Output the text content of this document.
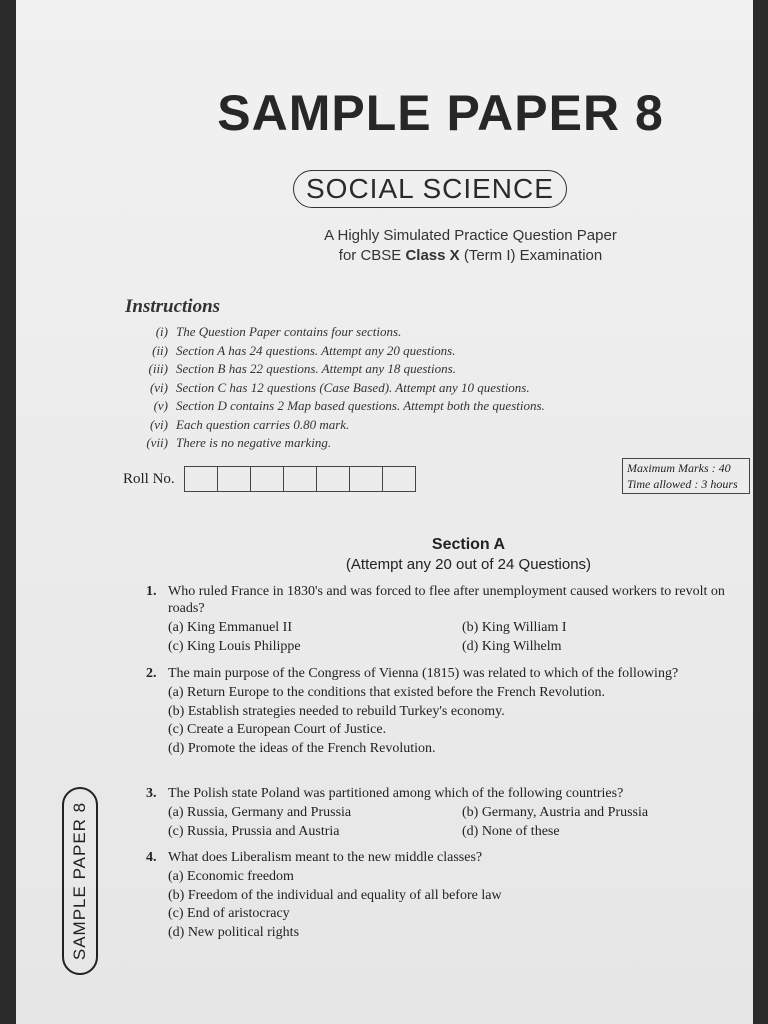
SAMPLE PAPER 8
SOCIAL SCIENCE
A Highly Simulated Practice Question Paper
for CBSE Class X (Term I) Examination
Instructions
(i) The Question Paper contains four sections.
(ii) Section A has 24 questions. Attempt any 20 questions.
(iii) Section B has 22 questions. Attempt any 18 questions.
(vi) Section C has 12 questions (Case Based). Attempt any 10 questions.
(v) Section D contains 2 Map based questions. Attempt both the questions.
(vi) Each question carries 0.80 mark.
(vii) There is no negative marking.
Roll No.
Maximum Marks : 40
Time allowed : 3 hours
Section A
(Attempt any 20 out of 24 Questions)
1. Who ruled France in 1830's and was forced to flee after unemployment caused workers to revolt on roads?
(a) King Emmanuel II	(b) King William I
(c) King Louis Philippe	(d) King Wilhelm
2. The main purpose of the Congress of Vienna (1815) was related to which of the following?
(a) Return Europe to the conditions that existed before the French Revolution.
(b) Establish strategies needed to rebuild Turkey's economy.
(c) Create a European Court of Justice.
(d) Promote the ideas of the French Revolution.
3. The Polish state Poland was partitioned among which of the following countries?
(a) Russia, Germany and Prussia	(b) Germany, Austria and Prussia
(c) Russia, Prussia and Austria	(d) None of these
4. What does Liberalism meant to the new middle classes?
(a) Economic freedom
(b) Freedom of the individual and equality of all before law
(c) End of aristocracy
(d) New political rights
SAMPLE PAPER 8
